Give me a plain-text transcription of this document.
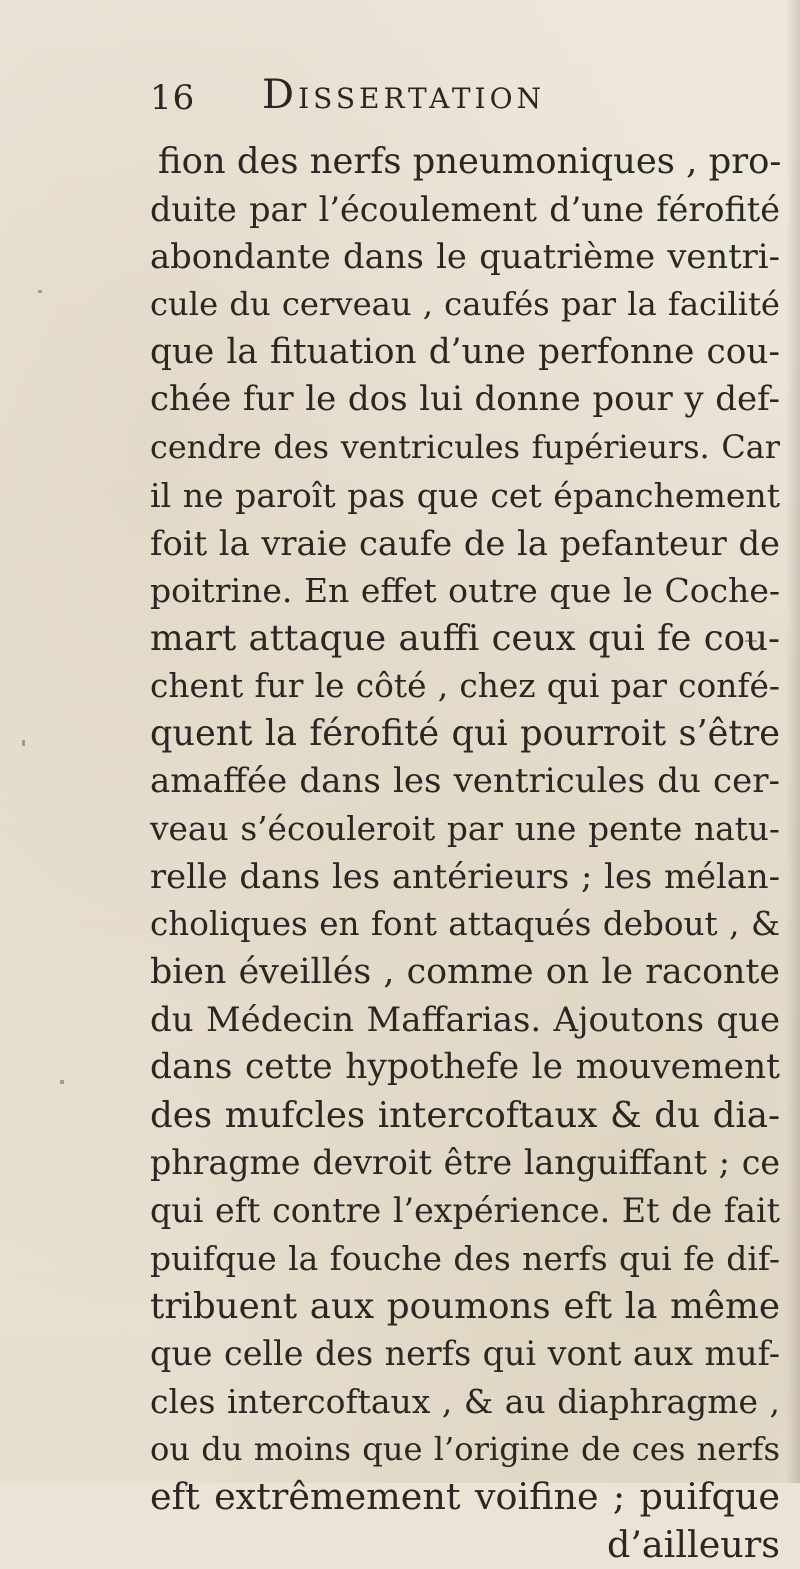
16 Dissertation
fion des nerfs pneumoniques , pro-
duite par l’écoulement d’une férofité
abondante dans le quatrième ventri-
cule du cerveau , caufés par la facilité
que la fituation d’une perfonne cou-
chée fur le dos lui donne pour y def-
cendre des ventricules fupérieurs. Car
il ne paroît pas que cet épanchement
foit la vraie caufe de la pefanteur de
poitrine. En effet outre que le Coche-
mart attaque auffi ceux qui fe cou-
chent fur le côté , chez qui par confé-
quent la férofité qui pourroit s’être
amaffée dans les ventricules du cer-
veau s’écouleroit par une pente natu-
relle dans les antérieurs ; les mélan-
choliques en font attaqués debout , &
bien éveillés , comme on le raconte
du Médecin Maffarias. Ajoutons que
dans cette hypothefe le mouvement
des mufcles intercoftaux & du dia-
phragme devroit être languiffant ; ce
qui eft contre l’expérience. Et de fait
puifque la fouche des nerfs qui fe dif-
tribuent aux poumons eft la même
que celle des nerfs qui vont aux muf-
cles intercoftaux , & au diaphragme ,
ou du moins que l’origine de ces nerfs
eft extrêmement voifine ; puifque
d’ailleurs
